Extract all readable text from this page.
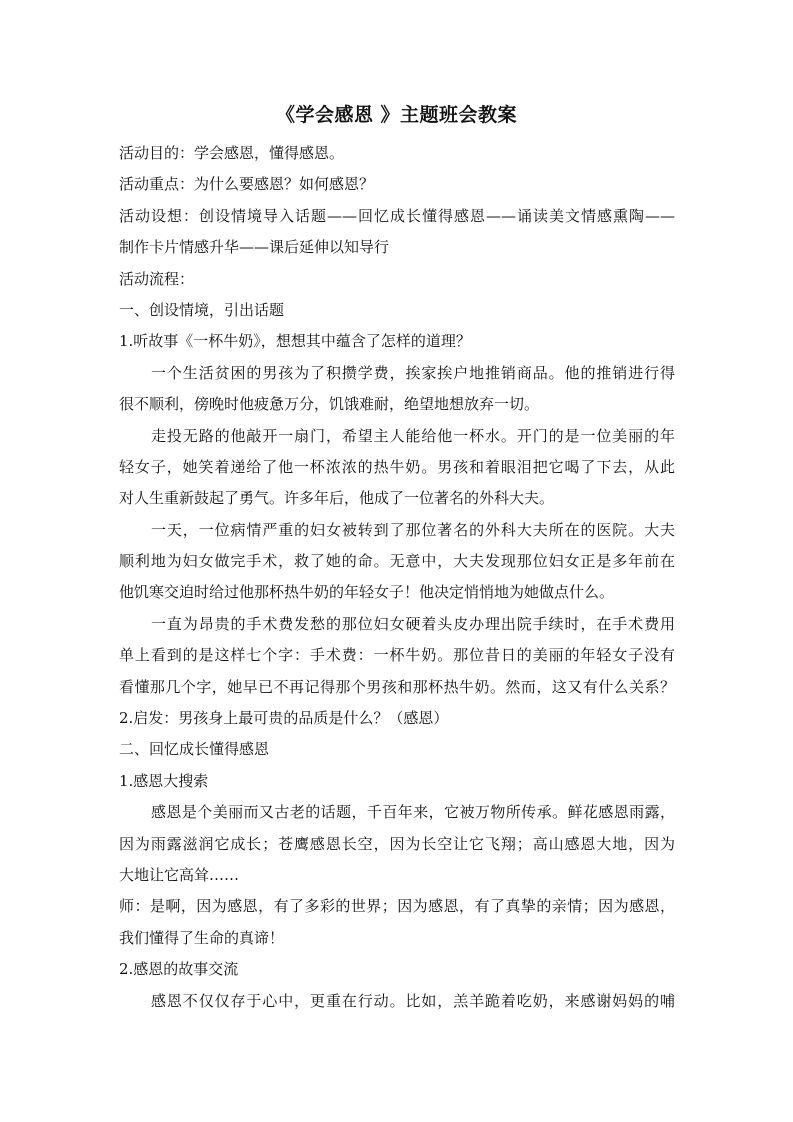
《学会感恩 》主题班会教案
活动目的：学会感恩，懂得感恩。
活动重点：为什么要感恩？如何感恩？
活动设想：创设情境导入话题——回忆成长懂得感恩——诵读美文情感熏陶——
制作卡片情感升华——课后延伸以知导行
活动流程：
一、创设情境，引出话题
1.听故事《一杯牛奶》，想想其中蕴含了怎样的道理？
一个生活贫困的男孩为了积攒学费，挨家挨户地推销商品。他的推销进行得
很不顺利，傍晚时他疲惫万分，饥饿难耐，绝望地想放弃一切。
走投无路的他敲开一扇门，希望主人能给他一杯水。开门的是一位美丽的年
轻女子，她笑着递给了他一杯浓浓的热牛奶。男孩和着眼泪把它喝了下去，从此
对人生重新鼓起了勇气。许多年后，他成了一位著名的外科大夫。
一天，一位病情严重的妇女被转到了那位著名的外科大夫所在的医院。大夫
顺利地为妇女做完手术，救了她的命。无意中，大夫发现那位妇女正是多年前在
他饥寒交迫时给过他那杯热牛奶的年轻女子！他决定悄悄地为她做点什么。
一直为昂贵的手术费发愁的那位妇女硬着头皮办理出院手续时，在手术费用
单上看到的是这样七个字：手术费：一杯牛奶。那位昔日的美丽的年轻女子没有
看懂那几个字，她早已不再记得那个男孩和那杯热牛奶。然而，这又有什么关系？
2.启发：男孩身上最可贵的品质是什么？（感恩）
二、回忆成长懂得感恩
1.感恩大搜索
感恩是个美丽而又古老的话题，千百年来，它被万物所传承。鲜花感恩雨露，
因为雨露滋润它成长；苍鹰感恩长空，因为长空让它飞翔；高山感恩大地，因为
大地让它高耸……
师：是啊，因为感恩，有了多彩的世界；因为感恩，有了真挚的亲情；因为感恩，
我们懂得了生命的真谛！
2.感恩的故事交流
感恩不仅仅存于心中，更重在行动。比如，羔羊跪着吃奶，来感谢妈妈的哺
